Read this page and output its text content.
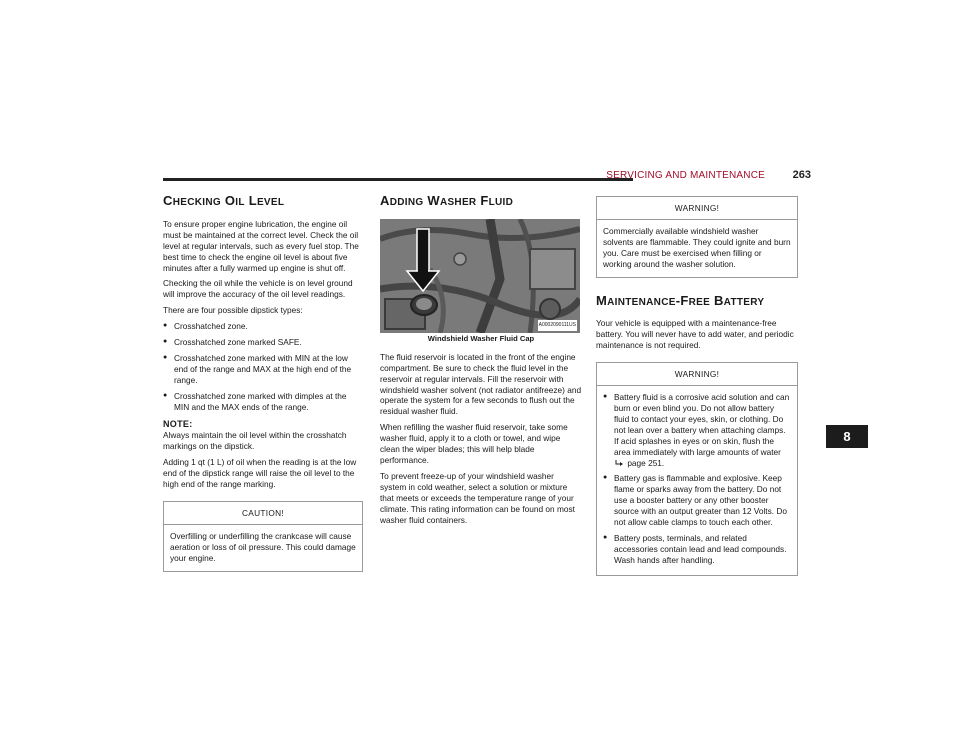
SERVICING AND MAINTENANCE	263
CHECKING OIL LEVEL

To ensure proper engine lubrication, the engine oil must be maintained at the correct level. Check the oil level at regular intervals, such as every fuel stop. The best time to check the engine oil level is about five minutes after a fully warmed up engine is shut off.

Checking the oil while the vehicle is on level ground will improve the accuracy of the oil level readings.

There are four possible dipstick types:

● Crosshatched zone.
● Crosshatched zone marked SAFE.
● Crosshatched zone marked with MIN at the low end of the range and MAX at the high end of the range.
● Crosshatched zone marked with dimples at the MIN and the MAX ends of the range.
NOTE:

Always maintain the oil level within the crosshatch markings on the dipstick.

Adding 1 qt (1 L) of oil when the reading is at the low end of the dipstick range will raise the oil level to the high end of the range marking.

CAUTION!

Overfilling or underfilling the crankcase will cause aeration or loss of oil pressure. This could damage your engine.

ADDING WASHER FLUID
A0002090111US
Windshield Washer Fluid Cap

The fluid reservoir is located in the front of the engine compartment. Be sure to check the fluid level in the reservoir at regular intervals. Fill the reservoir with windshield washer solvent (not radiator antifreeze) and operate the system for a few seconds to flush out the residual washer fluid.

When refilling the washer fluid reservoir, take some washer fluid, apply it to a cloth or towel, and wipe clean the wiper blades; this will help blade performance.

To prevent freeze-up of your windshield washer system in cold weather, select a solution or mixture that meets or exceeds the temperature range of your climate. This rating information can be found on most washer fluid containers.

WARNING!

Commercially available windshield washer solvents are flammable. They could ignite and burn you. Care must be exercised when filling or working around the washer solution.

MAINTENANCE-FREE BATTERY

Your vehicle is equipped with a maintenance-free battery. You will never have to add water, and periodic maintenance is not required.

WARNING!
● Battery fluid is a corrosive acid solution and can burn or even blind you. Do not allow battery fluid to contact your eyes, skin, or clothing. Do not lean over a battery when attaching clamps. If acid splashes in eyes or on skin, flush the area immediately with large amounts of water  page 251.
● Battery gas is flammable and explosive. Keep flame or sparks away from the battery. Do not use a booster battery or any other booster source with an output greater than 12 Volts. Do not allow cable clamps to touch each other.
● Battery posts, terminals, and related accessories contain lead and lead compounds. Wash hands after handling.
8
